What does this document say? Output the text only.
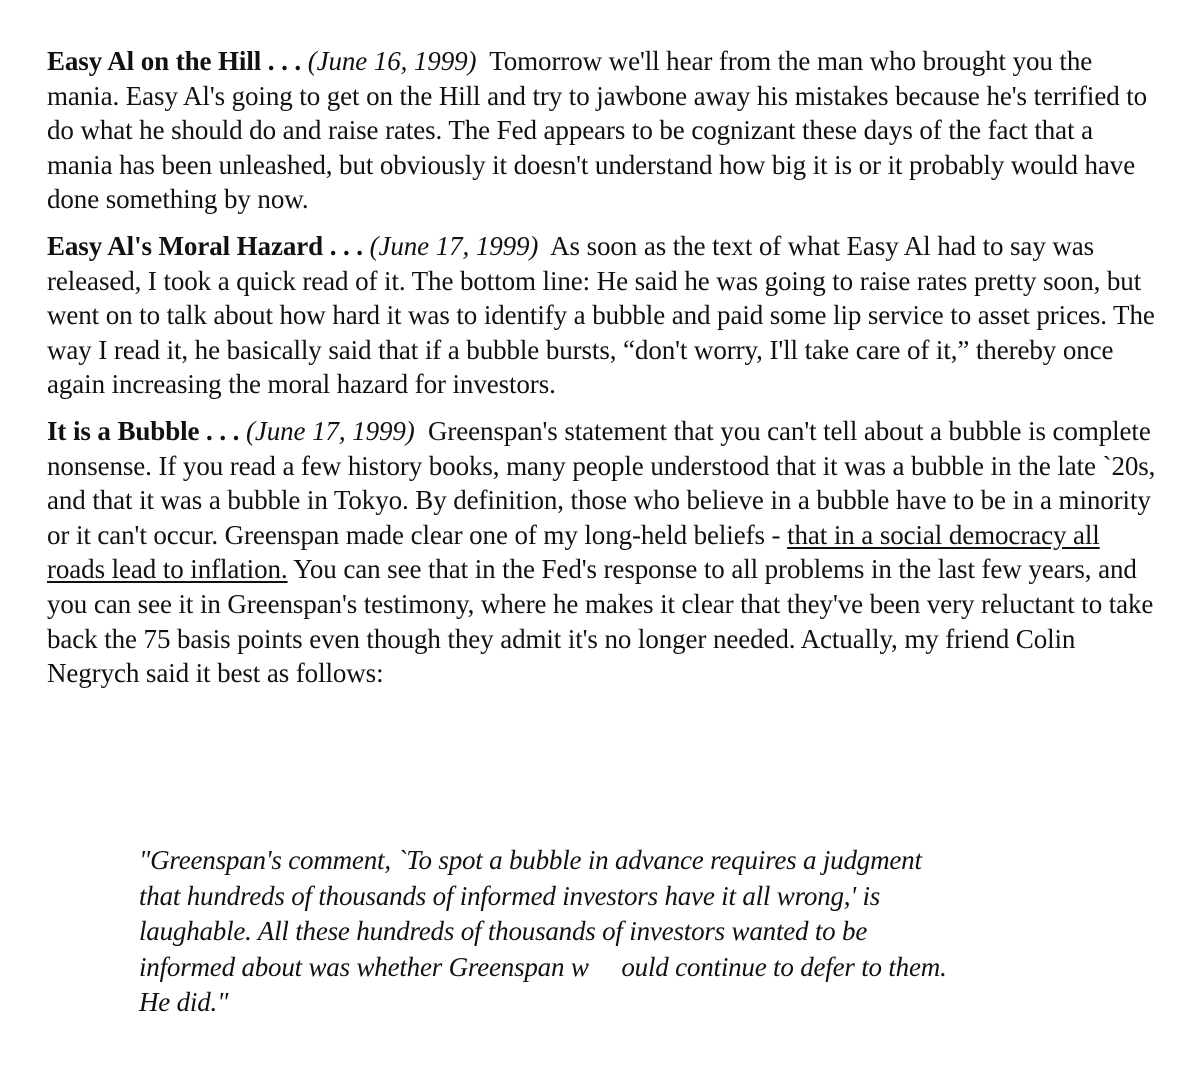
Easy Al on the Hill . . . (June 16, 1999) Tomorrow we'll hear from the man who brought you the mania. Easy Al's going to get on the Hill and try to jawbone away his mistakes because he's terrified to do what he should do and raise rates. The Fed appears to be cognizant these days of the fact that a mania has been unleashed, but obviously it doesn't understand how big it is or it probably would have done something by now.

Easy Al's Moral Hazard . . . (June 17, 1999) As soon as the text of what Easy Al had to say was released, I took a quick read of it. The bottom line: He said he was going to raise rates pretty soon, but went on to talk about how hard it was to identify a bubble and paid some lip service to asset prices. The way I read it, he basically said that if a bubble bursts, “don't worry, I'll take care of it,” thereby once again increasing the moral hazard for investors.

It is a Bubble . . . (June 17, 1999) Greenspan's statement that you can't tell about a bubble is complete nonsense. If you read a few history books, many people understood that it was a bubble in the late `20s, and that it was a bubble in Tokyo. By definition, those who believe in a bubble have to be in a minority or it can't occur. Greenspan made clear one of my long-held beliefs - that in a social democracy all roads lead to inflation. You can see that in the Fed's response to all problems in the last few years, and you can see it in Greenspan's testimony, where he makes it clear that they've been very reluctant to take back the 75 basis points even though they admit it's no longer needed. Actually, my friend Colin Negrych said it best as follows:

"Greenspan's comment, `To spot a bubble in advance requires a judgment
that hundreds of thousands of informed investors have it all wrong,' is
laughable. All these hundreds of thousands of investors wanted to be
informed about was whether Greenspan w     ould continue to defer to them.
He did."
